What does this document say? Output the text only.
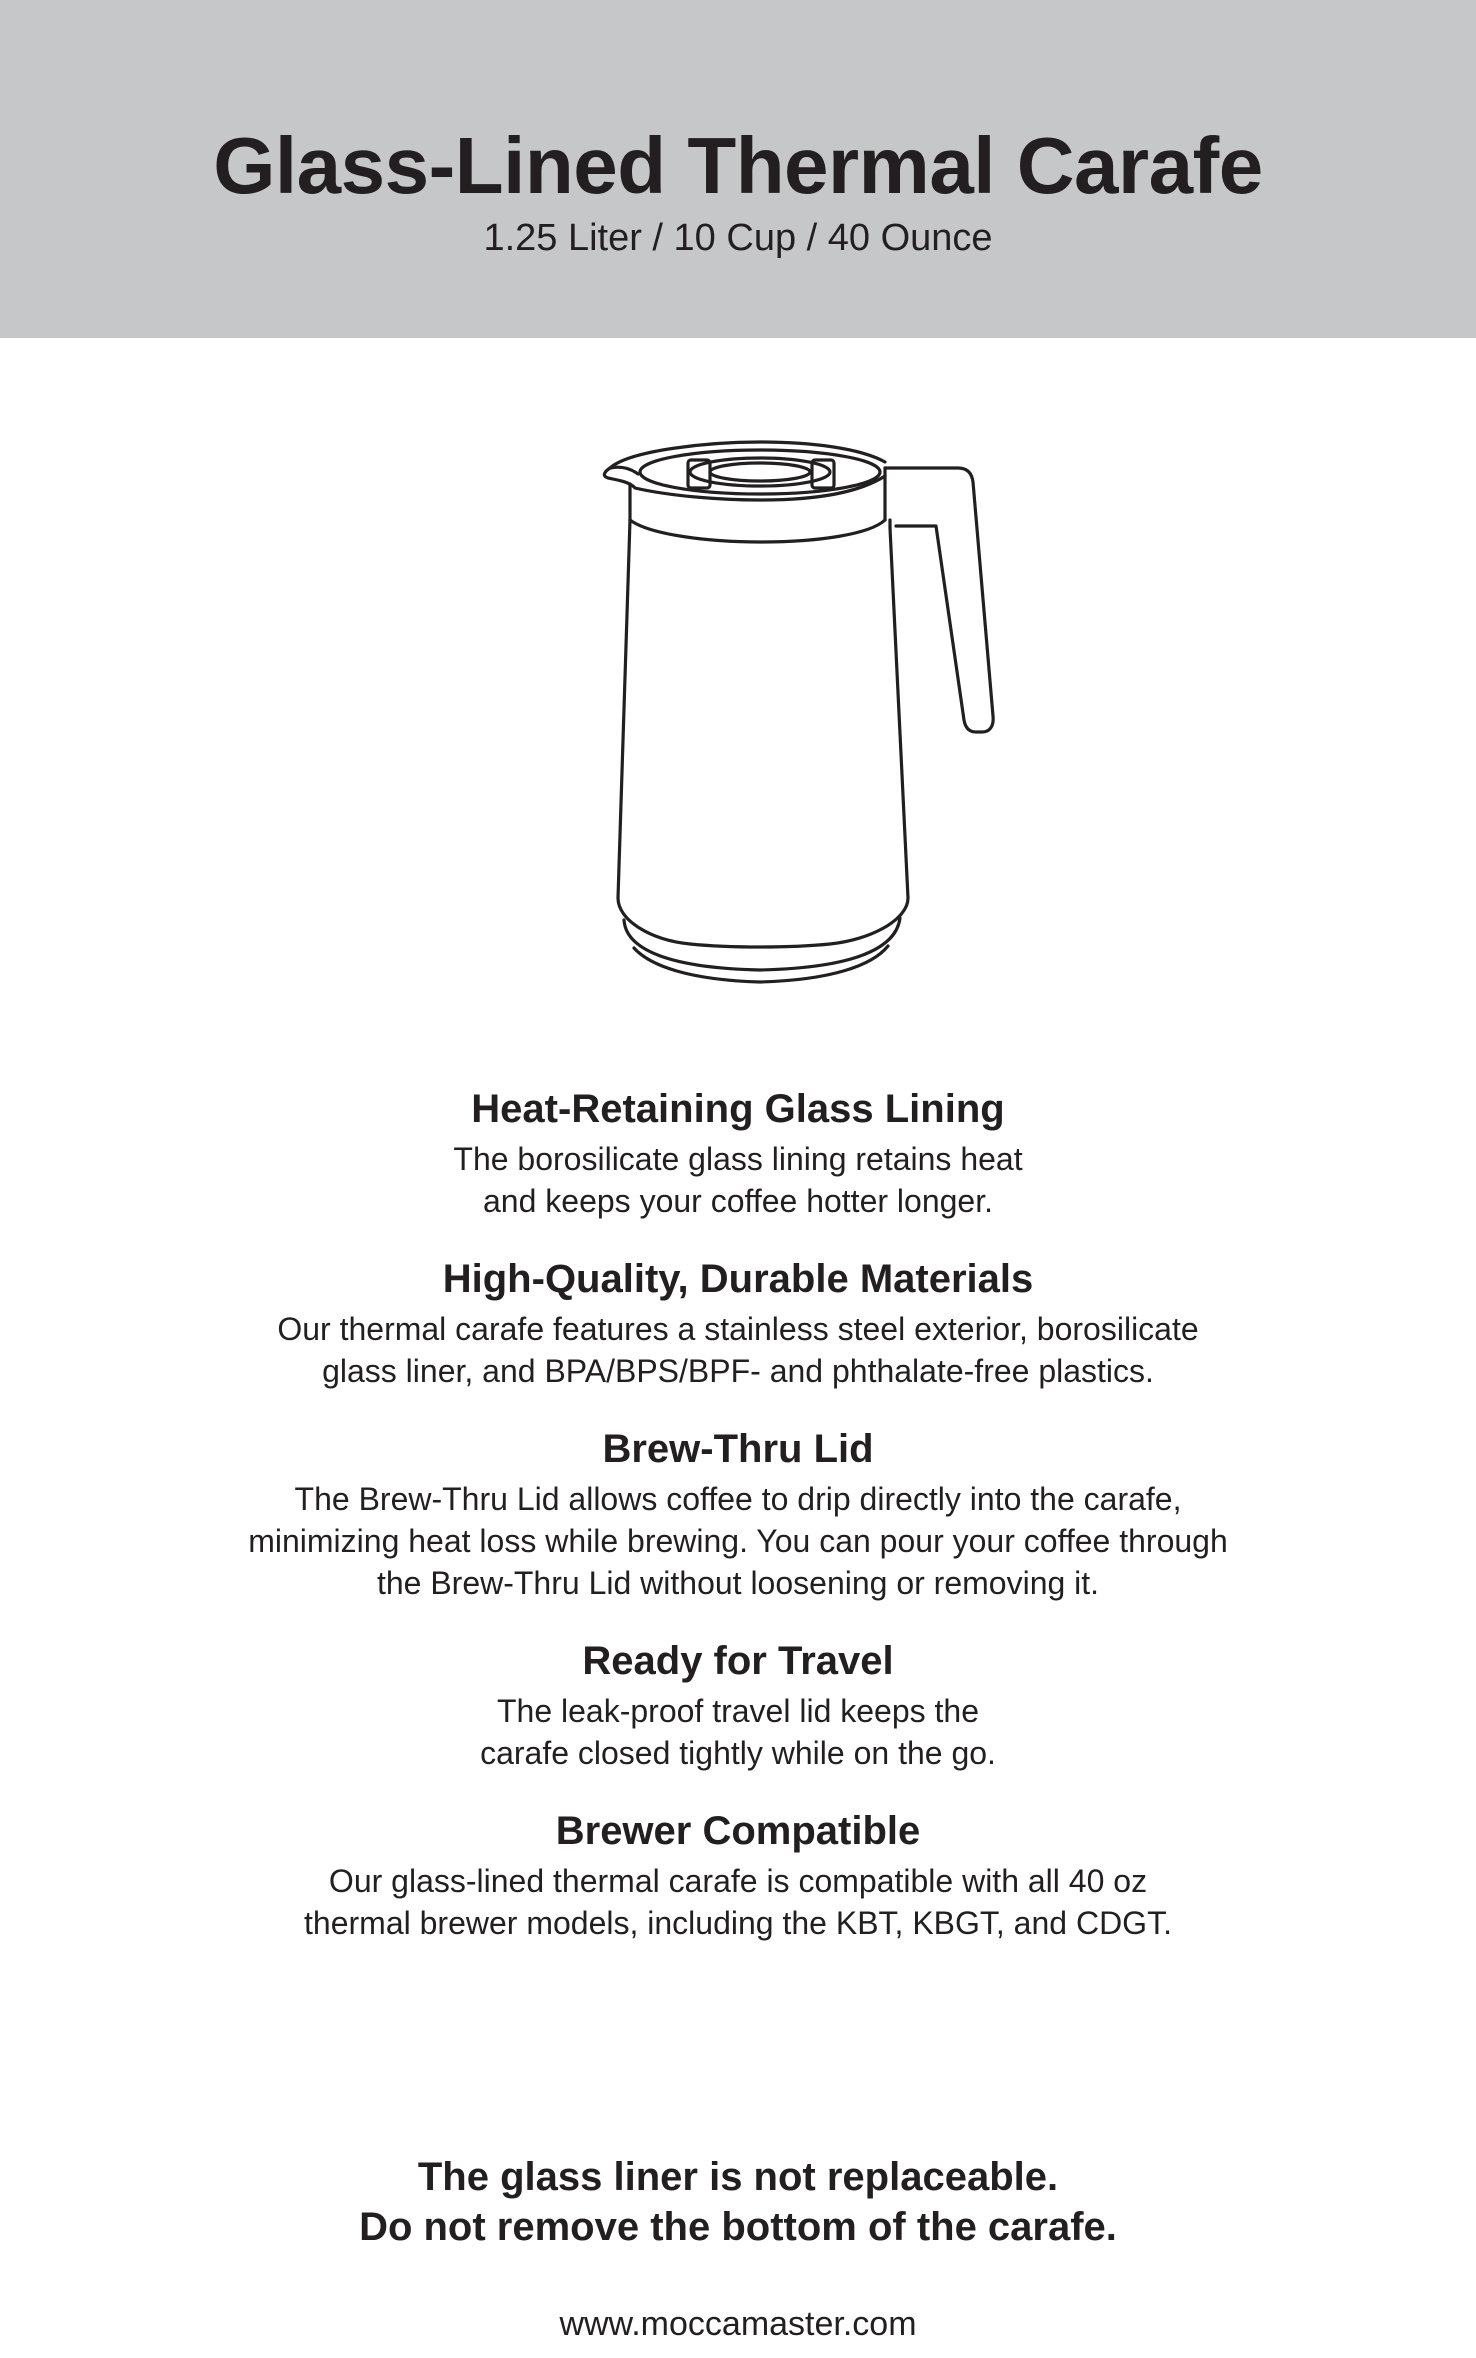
Glass-Lined Thermal Carafe
1.25 Liter / 10 Cup / 40 Ounce
Heat-Retaining Glass Lining

The borosilicate glass lining retains heat
and keeps your coffee hotter longer.

High-Quality, Durable Materials

Our thermal carafe features a stainless steel exterior, borosilicate
glass liner, and BPA/BPS/BPF- and phthalate-free plastics.

Brew-Thru Lid

The Brew-Thru Lid allows coffee to drip directly into the carafe,
minimizing heat loss while brewing. You can pour your coffee through
the Brew-Thru Lid without loosening or removing it.

Ready for Travel

The leak-proof travel lid keeps the
carafe closed tightly while on the go.

Brewer Compatible

Our glass-lined thermal carafe is compatible with all 40 oz
thermal brewer models, including the KBT, KBGT, and CDGT.

The glass liner is not replaceable.
Do not remove the bottom of the carafe.
www.moccamaster.com
